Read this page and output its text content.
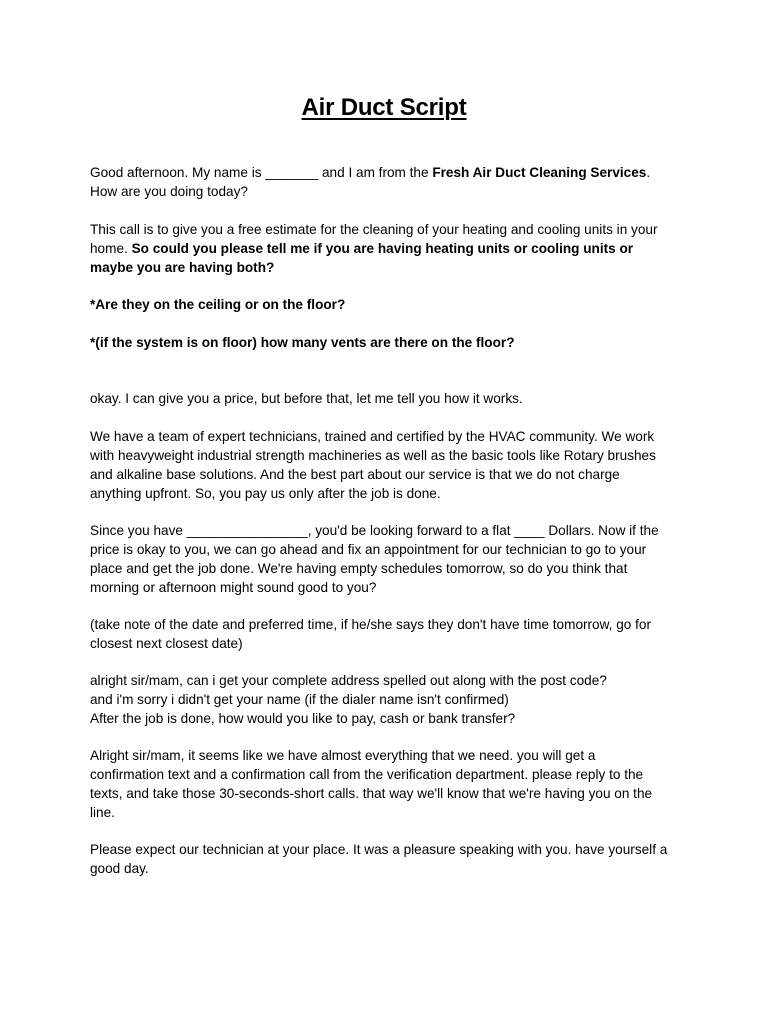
Air Duct Script

Good afternoon. My name is _______ and I am from the Fresh Air Duct Cleaning Services.
How are you doing today?

This call is to give you a free estimate for the cleaning of your heating and cooling units in your
home. So could you please tell me if you are having heating units or cooling units or
maybe you are having both?

*Are they on the ceiling or on the floor?

*(if the system is on floor) how many vents are there on the floor?

okay. I can give you a price, but before that, let me tell you how it works.

We have a team of expert technicians, trained and certified by the HVAC community. We work
with heavyweight industrial strength machineries as well as the basic tools like Rotary brushes
and alkaline base solutions. And the best part about our service is that we do not charge
anything upfront. So, you pay us only after the job is done.

Since you have ________________, you'd be looking forward to a flat ____ Dollars. Now if the
price is okay to you, we can go ahead and fix an appointment for our technician to go to your
place and get the job done. We're having empty schedules tomorrow, so do you think that
morning or afternoon might sound good to you?

(take note of the date and preferred time, if he/she says they don't have time tomorrow, go for
closest next closest date)

alright sir/mam, can i get your complete address spelled out along with the post code?
and i'm sorry i didn't get your name (if the dialer name isn't confirmed)
After the job is done, how would you like to pay, cash or bank transfer?

Alright sir/mam, it seems like we have almost everything that we need. you will get a
confirmation text and a confirmation call from the verification department. please reply to the
texts, and take those 30-seconds-short calls. that way we'll know that we're having you on the
line.

Please expect our technician at your place. It was a pleasure speaking with you. have yourself a
good day.
